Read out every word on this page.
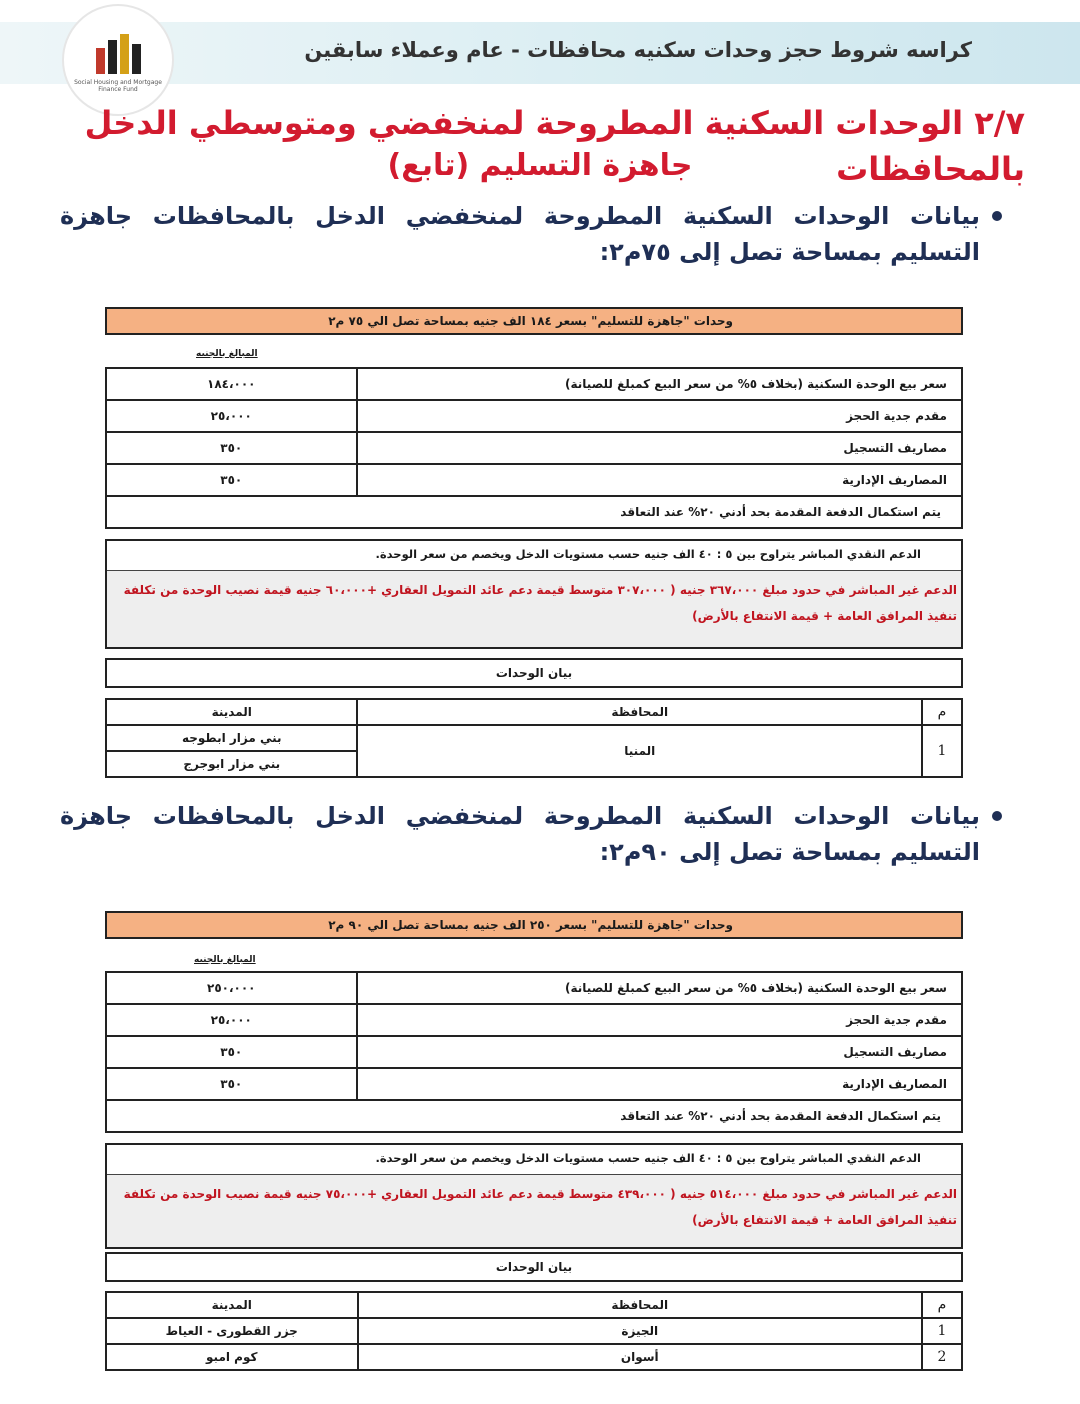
كراسه شروط حجز وحدات سكنيه محافظات - عام وعملاء سابقين
Social Housing and Mortgage Finance Fund
٢/٧ الوحدات السكنية المطروحة لمنخفضي ومتوسطي الدخل بالمحافظات
جاهزة التسليم (تابع)
بيانات الوحدات السكنية المطروحة لمنخفضي الدخل بالمحافظات جاهزة التسليم بمساحة تصل إلى ٧٥م٢:
وحدات "جاهزة للتسليم" بسعر ١٨٤ الف جنيه بمساحة تصل الي ٧٥ م٢
المبالغ بالجنيه
سعر بيع الوحدة السكنية (بخلاف ٥% من سعر البيع كمبلغ للصيانة)	١٨٤،٠٠٠
مقدم جدية الحجز	٢٥،٠٠٠
مصاريف التسجيل	٣٥٠
المصاريف الإدارية	٣٥٠
يتم استكمال الدفعة المقدمة بحد أدني ٢٠% عند التعاقد	
الدعم النقدي المباشر يتراوح بين ٥ : ٤٠ الف جنيه حسب مستويات الدخل ويخصم من سعر الوحدة.
الدعم غير المباشر في حدود مبلغ ٣٦٧،٠٠٠ جنيه ( ٣٠٧،٠٠٠ متوسط قيمة دعم عائد التمويل العقاري +٦٠،٠٠٠ جنيه قيمة نصيب الوحدة من تكلفة تنفيذ المرافق العامة + قيمة الانتفاع بالأرض)
بيان الوحدات
م	المحافظة	المدينة
1	المنيا	بني مزار ابطوجه
		بني مزار ابوجرج
بيانات الوحدات السكنية المطروحة لمنخفضي الدخل بالمحافظات جاهزة التسليم بمساحة تصل إلى ٩٠م٢:
وحدات "جاهزة للتسليم" بسعر ٢٥٠ الف جنيه بمساحة تصل الي ٩٠ م٢
المبالغ بالجنيه
سعر بيع الوحدة السكنية (بخلاف ٥% من سعر البيع كمبلغ للصيانة)	٢٥٠،٠٠٠
مقدم جدية الحجز	٢٥،٠٠٠
مصاريف التسجيل	٣٥٠
المصاريف الإدارية	٣٥٠
يتم استكمال الدفعة المقدمة بحد أدني ٢٠% عند التعاقد	
الدعم النقدي المباشر يتراوح بين ٥ : ٤٠ الف جنيه حسب مستويات الدخل ويخصم من سعر الوحدة.
الدعم غير المباشر في حدود مبلغ ٥١٤،٠٠٠ جنيه ( ٤٣٩،٠٠٠ متوسط قيمة دعم عائد التمويل العقاري +٧٥،٠٠٠ جنيه قيمة نصيب الوحدة من تكلفة تنفيذ المرافق العامة + قيمة الانتفاع بالأرض)
بيان الوحدات
م	المحافظة	المدينة
1	الجيزة	جزر القطورى - العياط
2	أسوان	كوم امبو
